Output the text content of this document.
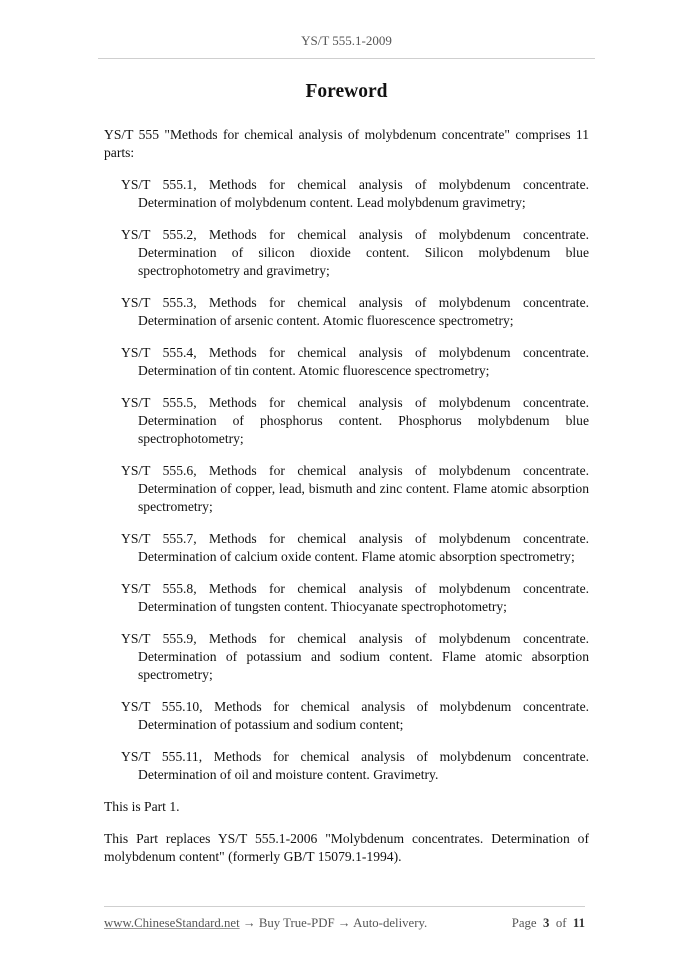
YS/T 555.1-2009
Foreword

YS/T 555 "Methods for chemical analysis of molybdenum concentrate" comprises 11 parts:

YS/T 555.1, Methods for chemical analysis of molybdenum concentrate. Determination of molybdenum content. Lead molybdenum gravimetry;

YS/T 555.2, Methods for chemical analysis of molybdenum concentrate. Determination of silicon dioxide content. Silicon molybdenum blue spectrophotometry and gravimetry;

YS/T 555.3, Methods for chemical analysis of molybdenum concentrate. Determination of arsenic content. Atomic fluorescence spectrometry;

YS/T 555.4, Methods for chemical analysis of molybdenum concentrate. Determination of tin content. Atomic fluorescence spectrometry;

YS/T 555.5, Methods for chemical analysis of molybdenum concentrate. Determination of phosphorus content. Phosphorus molybdenum blue spectrophotometry;

YS/T 555.6, Methods for chemical analysis of molybdenum concentrate. Determination of copper, lead, bismuth and zinc content. Flame atomic absorption spectrometry;

YS/T 555.7, Methods for chemical analysis of molybdenum concentrate. Determination of calcium oxide content. Flame atomic absorption spectrometry;

YS/T 555.8, Methods for chemical analysis of molybdenum concentrate. Determination of tungsten content. Thiocyanate spectrophotometry;

YS/T 555.9, Methods for chemical analysis of molybdenum concentrate. Determination of potassium and sodium content. Flame atomic absorption spectrometry;

YS/T 555.10, Methods for chemical analysis of molybdenum concentrate. Determination of potassium and sodium content;

YS/T 555.11, Methods for chemical analysis of molybdenum concentrate. Determination of oil and moisture content. Gravimetry.

This is Part 1.

This Part replaces YS/T 555.1-2006 "Molybdenum concentrates. Determination of molybdenum content" (formerly GB/T 15079.1-1994).

www.ChineseStandard.net → Buy True-PDF → Auto-delivery.	Page 3 of 11
